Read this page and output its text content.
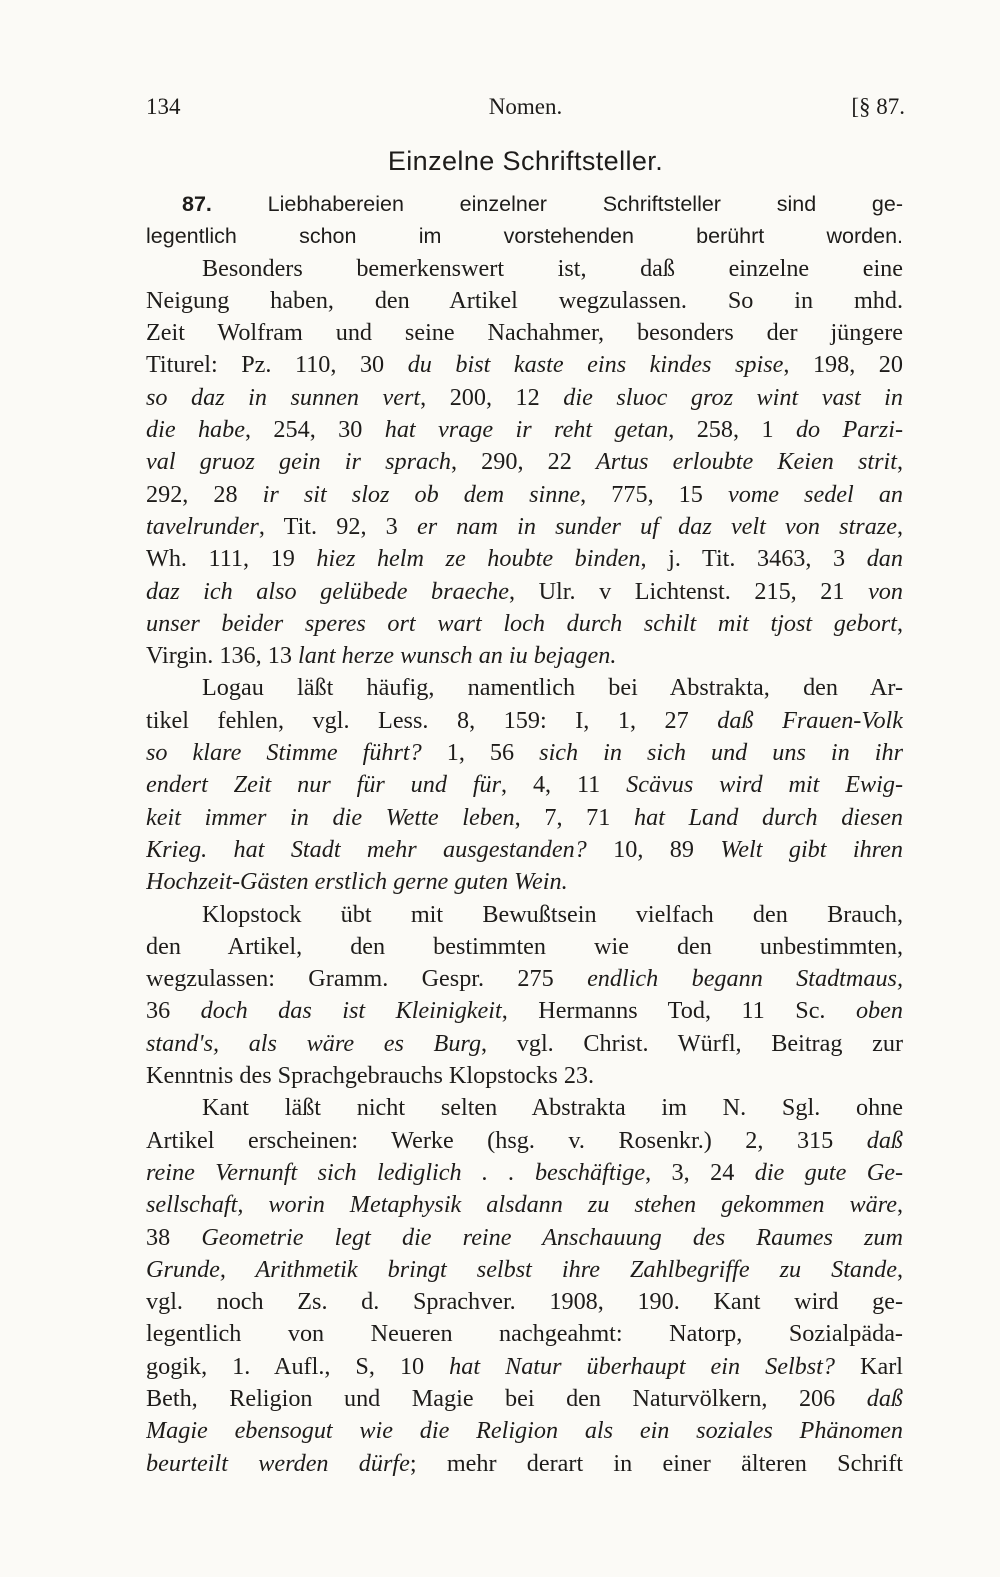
134	Nomen.	[§ 87.
Einzelne Schriftsteller.
87. Liebhabereien einzelner Schriftsteller sind ge-
legentlich schon im vorstehenden berührt worden.
Besonders bemerkenswert ist, daß einzelne eine
Neigung haben, den Artikel wegzulassen. So in mhd.
Zeit Wolfram und seine Nachahmer, besonders der jüngere
Titurel: Pz. 110, 30 du bist kaste eins kindes spise, 198, 20
so daz in sunnen vert, 200, 12 die sluoc groz wint vast in
die habe, 254, 30 hat vrage ir reht getan, 258, 1 do Parzi-
val gruoz gein ir sprach, 290, 22 Artus erloubte Keien strit,
292, 28 ir sit sloz ob dem sinne, 775, 15 vome sedel an
tavelrunder, Tit. 92, 3 er nam in sunder uf daz velt von straze,
Wh. 111, 19 hiez helm ze houbte binden, j. Tit. 3463, 3 dan
daz ich also gelübede braeche, Ulr. v Lichtenst. 215, 21 von
unser beider speres ort wart loch durch schilt mit tjost gebort,
Virgin. 136, 13 lant herze wunsch an iu bejagen.
Logau läßt häufig, namentlich bei Abstrakta, den Ar-
tikel fehlen, vgl. Less. 8, 159: I, 1, 27 daß Frauen-Volk
so klare Stimme führt? 1, 56 sich in sich und uns in ihr
endert Zeit nur für und für, 4, 11 Scävus wird mit Ewig-
keit immer in die Wette leben, 7, 71 hat Land durch diesen
Krieg. hat Stadt mehr ausgestanden? 10, 89 Welt gibt ihren
Hochzeit-Gästen erstlich gerne guten Wein.
Klopstock übt mit Bewußtsein vielfach den Brauch,
den Artikel, den bestimmten wie den unbestimmten,
wegzulassen: Gramm. Gespr. 275 endlich begann Stadtmaus,
36 doch das ist Kleinigkeit, Hermanns Tod, 11 Sc. oben
stand's, als wäre es Burg, vgl. Christ. Würfl, Beitrag zur
Kenntnis des Sprachgebrauchs Klopstocks 23.
Kant läßt nicht selten Abstrakta im N. Sgl. ohne
Artikel erscheinen: Werke (hsg. v. Rosenkr.) 2, 315 daß
reine Vernunft sich lediglich . . beschäftige, 3, 24 die gute Ge-
sellschaft, worin Metaphysik alsdann zu stehen gekommen wäre,
38 Geometrie legt die reine Anschauung des Raumes zum
Grunde, Arithmetik bringt selbst ihre Zahlbegriffe zu Stande,
vgl. noch Zs. d. Sprachver. 1908, 190. Kant wird ge-
legentlich von Neueren nachgeahmt: Natorp, Sozialpäda-
gogik, 1. Aufl., S, 10 hat Natur überhaupt ein Selbst? Karl
Beth, Religion und Magie bei den Naturvölkern, 206 daß
Magie ebensogut wie die Religion als ein soziales Phänomen
beurteilt werden dürfe; mehr derart in einer älteren Schrift
